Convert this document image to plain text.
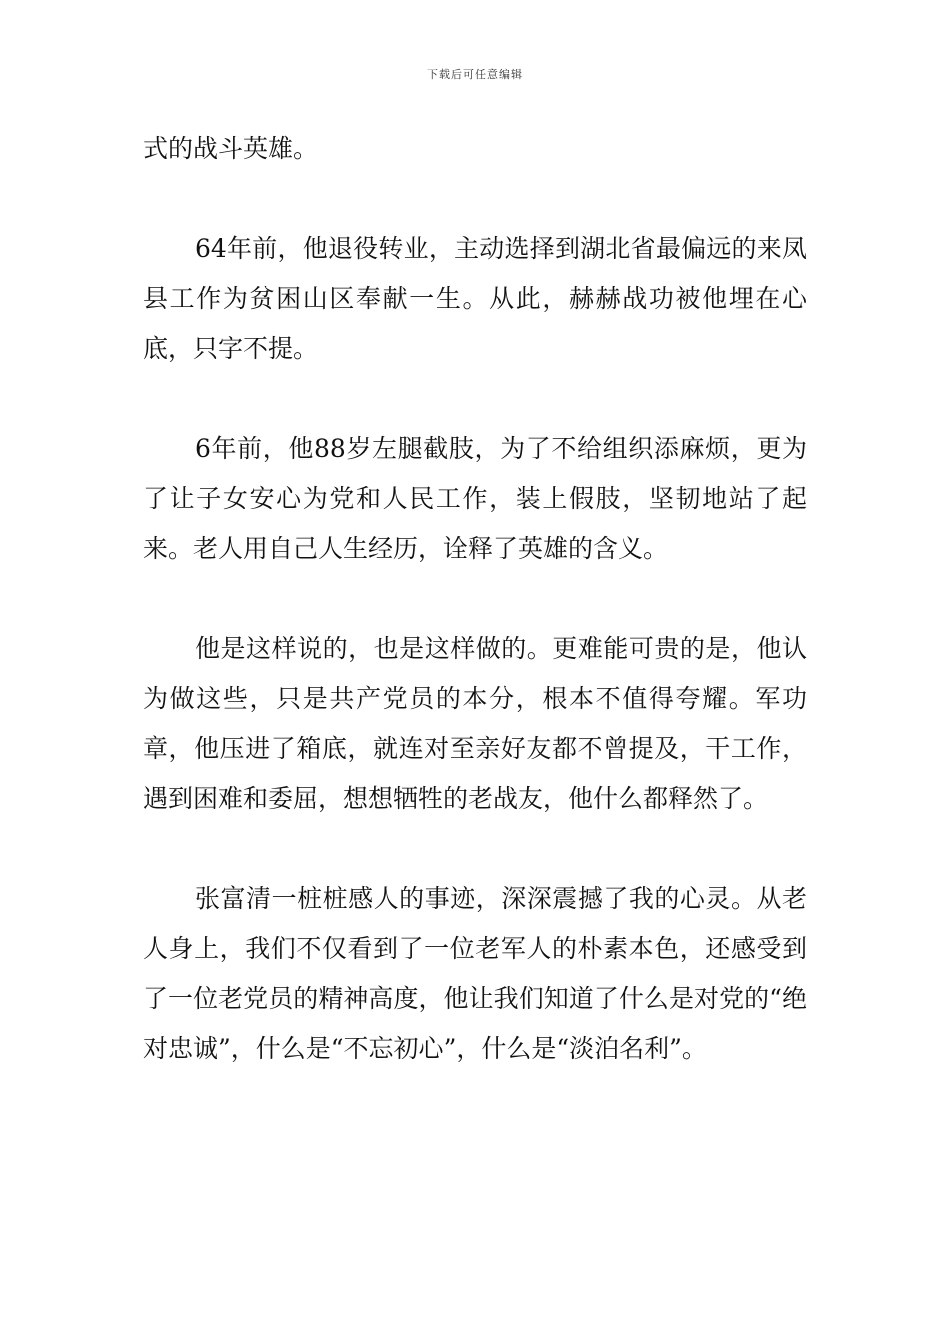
下载后可任意编辑

式的战斗英雄。

64年前，他退役转业，主动选择到湖北省最偏远的来凤县工作为贫困山区奉献一生。从此，赫赫战功被他埋在心底，只字不提。

6年前，他88岁左腿截肢，为了不给组织添麻烦，更为了让子女安心为党和人民工作，装上假肢，坚韧地站了起来。老人用自己人生经历，诠释了英雄的含义。

他是这样说的，也是这样做的。更难能可贵的是，他认为做这些，只是共产党员的本分，根本不值得夸耀。军功章，他压进了箱底，就连对至亲好友都不曾提及，干工作，遇到困难和委屈，想想牺牲的老战友，他什么都释然了。

张富清一桩桩感人的事迹，深深震撼了我的心灵。从老人身上，我们不仅看到了一位老军人的朴素本色，还感受到了一位老党员的精神高度，他让我们知道了什么是对党的“绝对忠诚”，什么是“不忘初心”，什么是“淡泊名利”。
